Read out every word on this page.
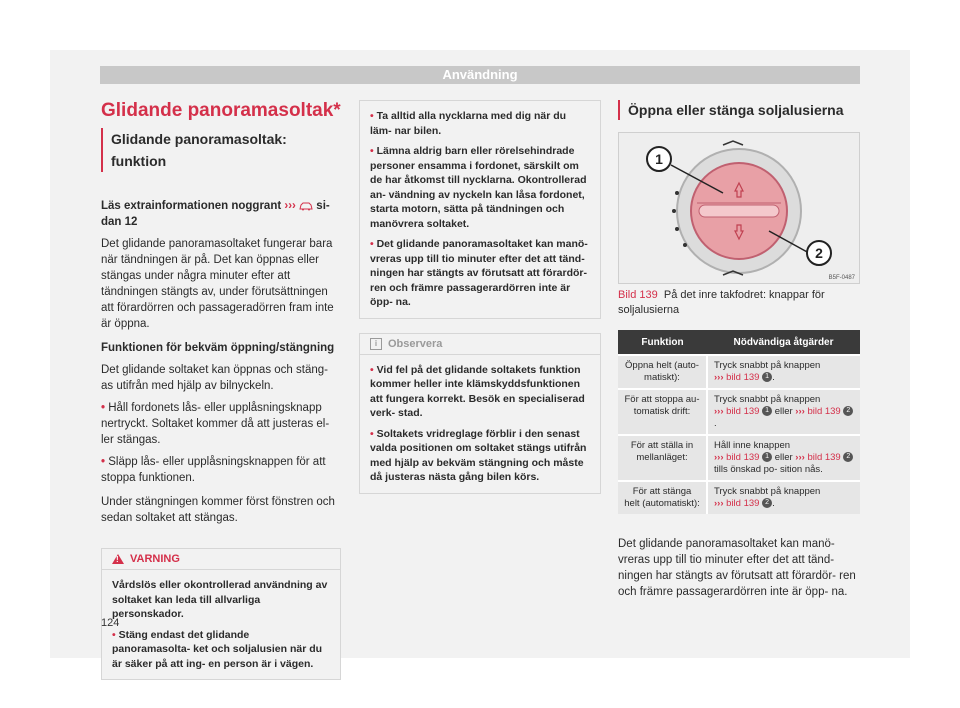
Användning
Glidande panoramasoltak*
Glidande panoramasoltak: funktion

Läs extrainformationen noggrant ›››  si-
dan 12

Det glidande panoramasoltaket fungerar bara när tändningen är på. Det kan öppnas eller stängas under några minuter efter att tändningen stängts av, under förutsättningen att förardörren och passageradörren fram inte är öppna.

Funktionen för bekväm öppning/stängning

Det glidande soltaket kan öppnas och stäng- as utifrån med hjälp av bilnyckeln.

• Håll fordonets lås- eller upplåsningsknapp nertryckt. Soltaket kommer då att justeras el- ler stängas.

• Släpp lås- eller upplåsningsknappen för att stoppa funktionen.

Under stängningen kommer först fönstren och sedan soltaket att stängas.

!
VARNING

Vårdslös eller okontrollerad användning av soltaket kan leda till allvarliga personskador.

• Stäng endast det glidande panoramasolta- ket och soljalusien när du är säker på att ing- en person är i vägen.

• Ta alltid alla nycklarna med dig när du läm- nar bilen.

• Lämna aldrig barn eller rörelsehindrade personer ensamma i fordonet, särskilt om de har åtkomst till nycklarna. Okontrollerad an- vändning av nyckeln kan låsa fordonet, starta motorn, sätta på tändningen och manövrera soltaket.

• Det glidande panoramasoltaket kan manö- vreras upp till tio minuter efter det att tänd- ningen har stängts av förutsatt att förardör- ren och främre passagerardörren inte är öpp- na.

i Observera

• Vid fel på det glidande soltakets funktion kommer heller inte klämskyddsfunktionen att fungera korrekt. Besök en specialiserad verk- stad.

• Soltakets vridreglage förblir i den senast valda positionen om soltaket stängs utifrån med hjälp av bekväm stängning och måste då justeras nästa gång bilen körs.

Öppna eller stänga soljalusierna
1
2
B5F-0487

Bild 139 På det inre takfodret: knappar för soljalusierna

Funktion	Nödvändiga åtgärder
Öppna helt (auto- matiskt):	Tryck snabbt på knappen
››› bild 139 1 .
För att stoppa au- tomatisk drift:	Tryck snabbt på knappen
››› bild 139 1 eller ››› bild 139 2.
För att ställa in mellanläget:	Håll inne knappen
››› bild 139 1 eller ››› bild 139 2 tills önskad po- sition nås.
För att stänga helt (automatiskt):	Tryck snabbt på knappen
››› bild 139 2 .

Det glidande panoramasoltaket kan manö- vreras upp till tio minuter efter det att tänd- ningen har stängts av förutsatt att förardör- ren och främre passagerardörren inte är öpp- na.

124
